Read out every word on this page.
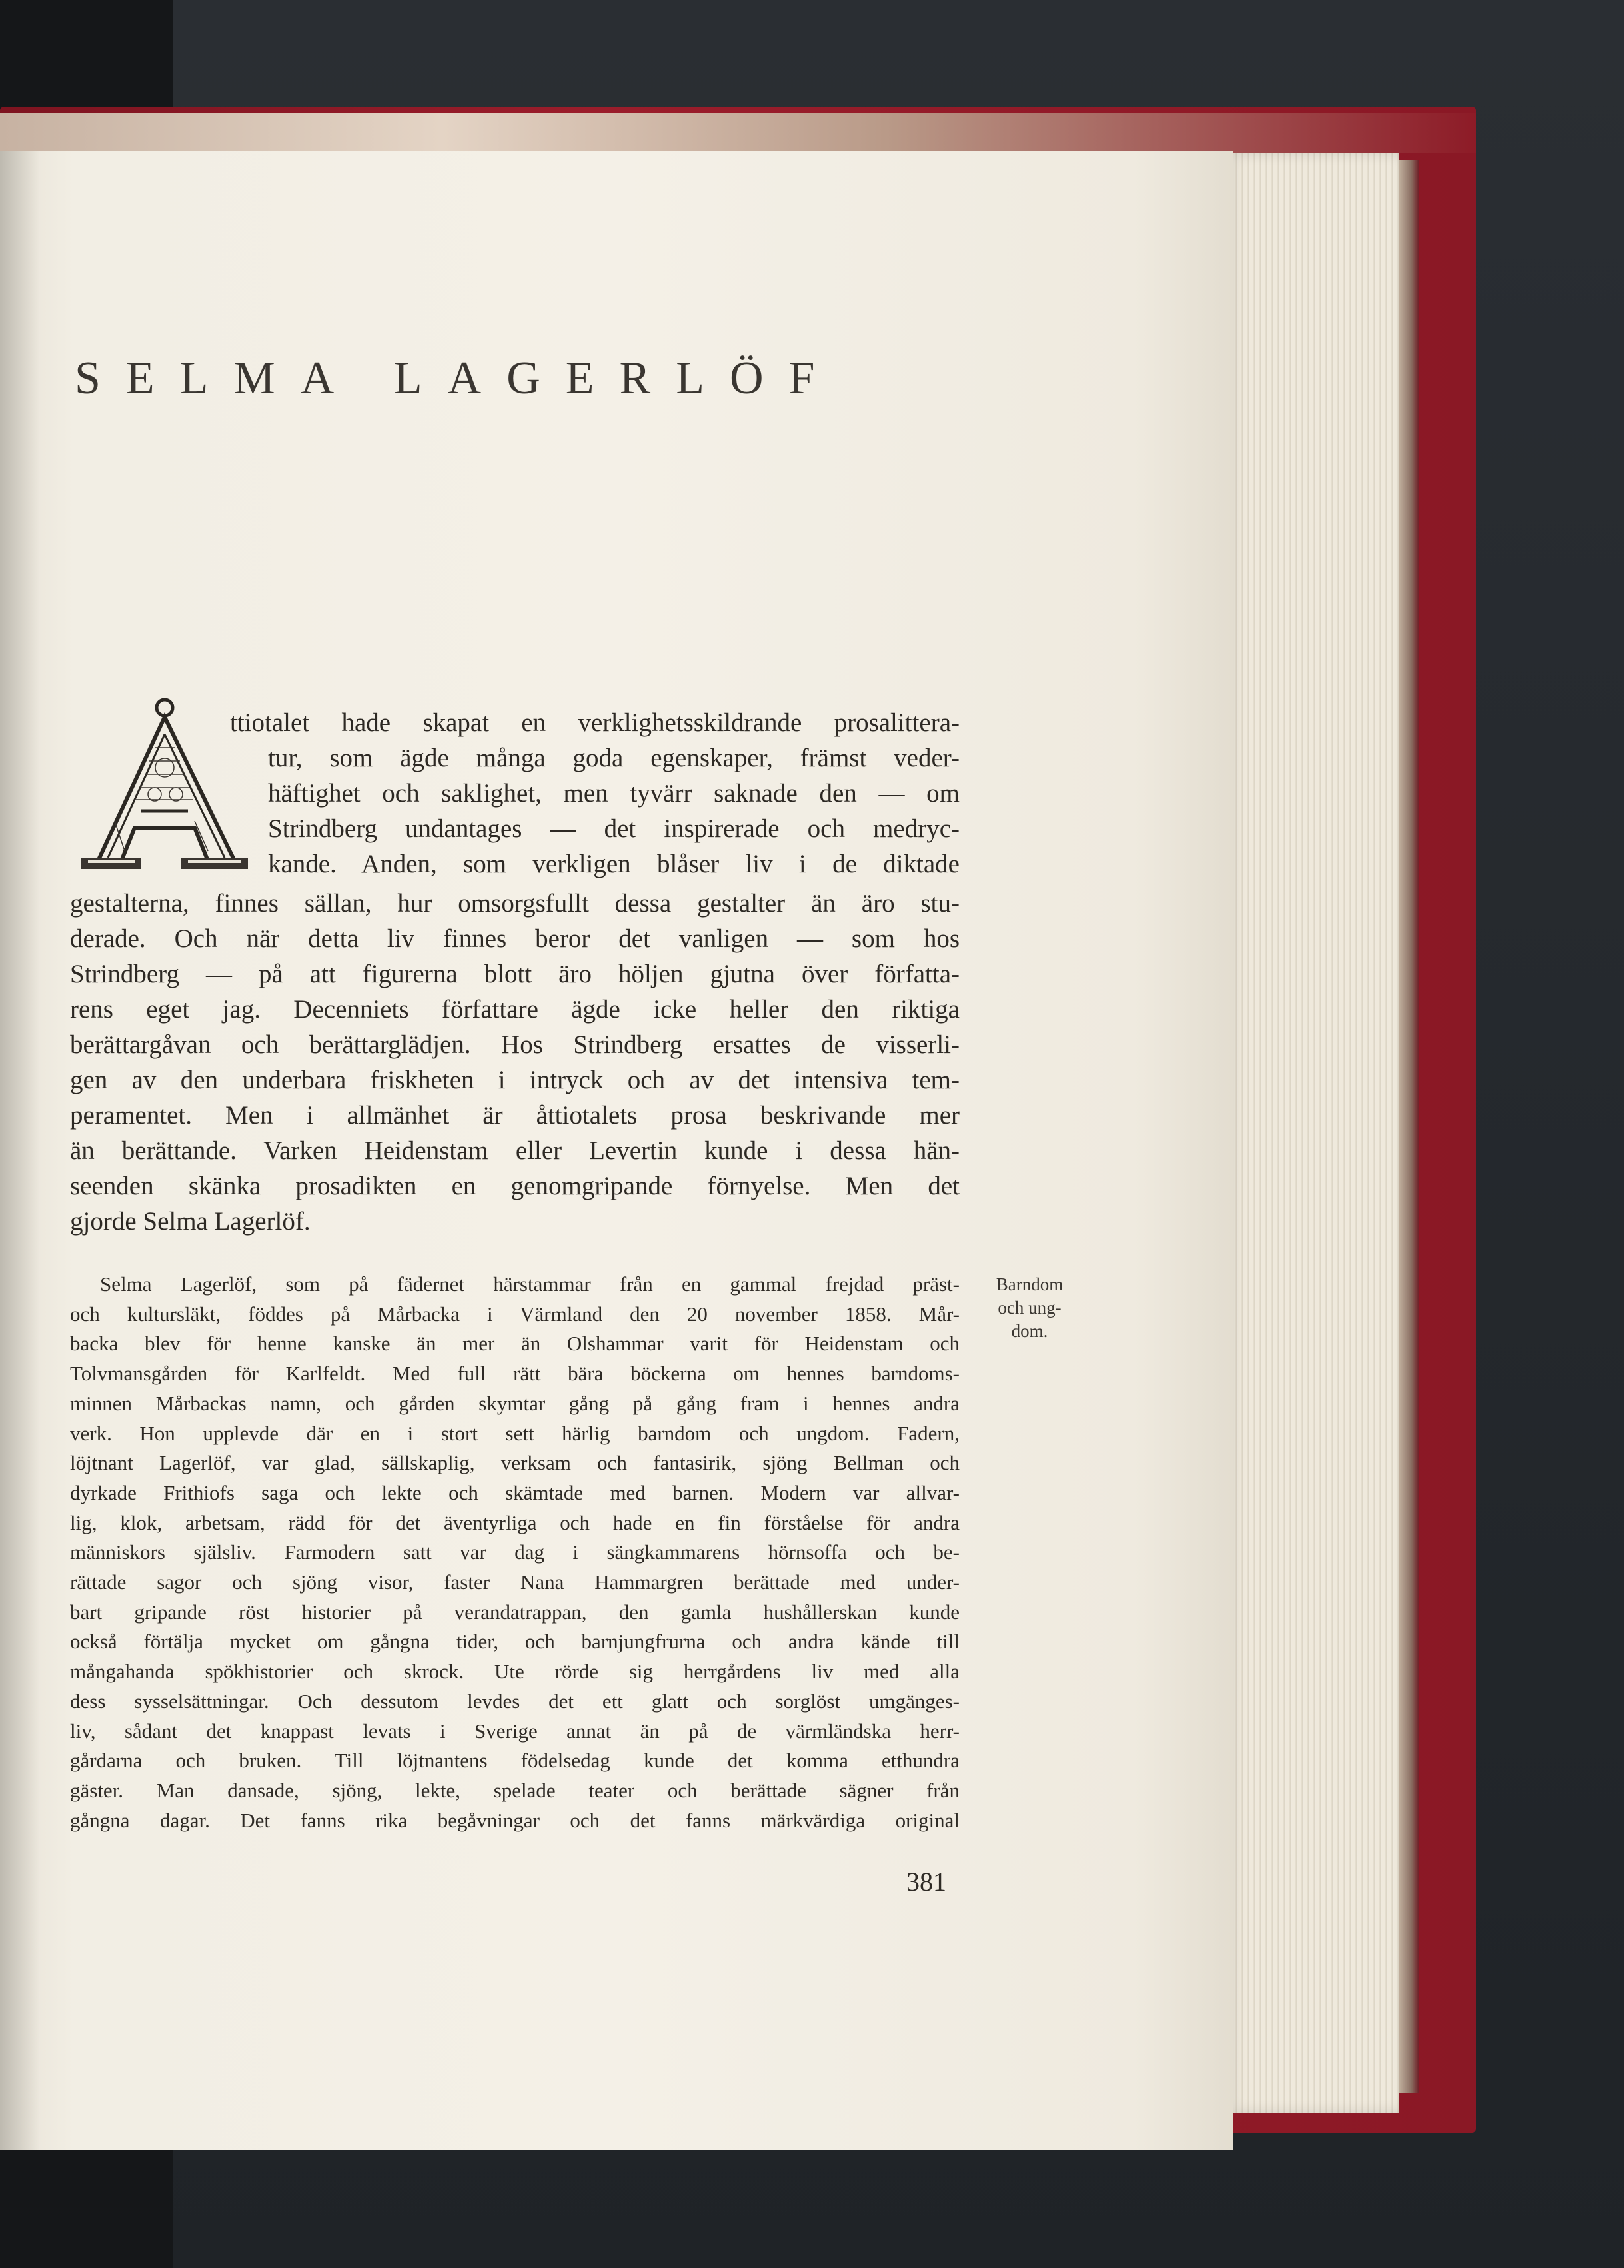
SELMA LAGERLÖF
ttiotalet hade skapat en verklighetsskildrande prosalittera-
tur, som ägde många goda egenskaper, främst veder-
häftighet och saklighet, men tyvärr saknade den — om
Strindberg undantages — det inspirerade och medryc-
kande. Anden, som verkligen blåser liv i de diktade
gestalterna, finnes sällan, hur omsorgsfullt dessa gestalter än äro stu-
derade. Och när detta liv finnes beror det vanligen — som hos
Strindberg — på att figurerna blott äro höljen gjutna över författa-
rens eget jag. Decenniets författare ägde icke heller den riktiga
berättargåvan och berättarglädjen. Hos Strindberg ersattes de visserli-
gen av den underbara friskheten i intryck och av det intensiva tem-
peramentet. Men i allmänhet är åttiotalets prosa beskrivande mer
än berättande. Varken Heidenstam eller Levertin kunde i dessa hän-
seenden skänka prosadikten en genomgripande förnyelse. Men det
gjorde Selma Lagerlöf.
Selma Lagerlöf, som på fädernet härstammar från en gammal frejdad präst-
och kultursläkt, föddes på Mårbacka i Värmland den 20 november 1858. Mår-
backa blev för henne kanske än mer än Olshammar varit för Heidenstam och
Tolvmansgården för Karlfeldt. Med full rätt bära böckerna om hennes barndoms-
minnen Mårbackas namn, och gården skymtar gång på gång fram i hennes andra
verk. Hon upplevde där en i stort sett härlig barndom och ungdom. Fadern,
löjtnant Lagerlöf, var glad, sällskaplig, verksam och fantasirik, sjöng Bellman och
dyrkade Frithiofs saga och lekte och skämtade med barnen. Modern var allvar-
lig, klok, arbetsam, rädd för det äventyrliga och hade en fin förståelse för andra
människors själsliv. Farmodern satt var dag i sängkammarens hörnsoffa och be-
rättade sagor och sjöng visor, faster Nana Hammargren berättade med under-
bart gripande röst historier på verandatrappan, den gamla hushållerskan kunde
också förtälja mycket om gångna tider, och barnjungfrurna och andra kände till
mångahanda spökhistorier och skrock. Ute rörde sig herrgårdens liv med alla
dess sysselsättningar. Och dessutom levdes det ett glatt och sorglöst umgänges-
liv, sådant det knappast levats i Sverige annat än på de värmländska herr-
gårdarna och bruken. Till löjtnantens födelsedag kunde det komma etthundra
gäster. Man dansade, sjöng, lekte, spelade teater och berättade sägner från
gångna dagar. Det fanns rika begåvningar och det fanns märkvärdiga original
Barndom
och ung-
dom.
381
